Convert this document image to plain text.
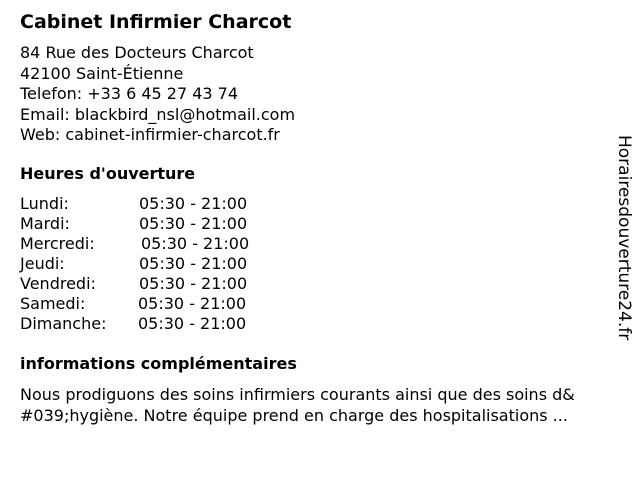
Cabinet Infirmier Charcot
84 Rue des Docteurs Charcot
42100 Saint-Étienne
Telefon: +33 6 45 27 43 74
Email: blackbird_nsl@hotmail.com
Web: cabinet-infirmier-charcot.fr
Heures d'ouverture
Lundi:	05:30 - 21:00
Mardi:	05:30 - 21:00
Mercredi:	05:30 - 21:00
Jeudi:	05:30 - 21:00
Vendredi:	05:30 - 21:00
Samedi:	05:30 - 21:00
Dimanche: 05:30 - 21:00
informations complémentaires
Nous prodiguons des soins infirmiers courants ainsi que des soins d&
#039;hygiène. Notre équipe prend en charge des hospitalisations ...
Horairesdouverture24.fr
